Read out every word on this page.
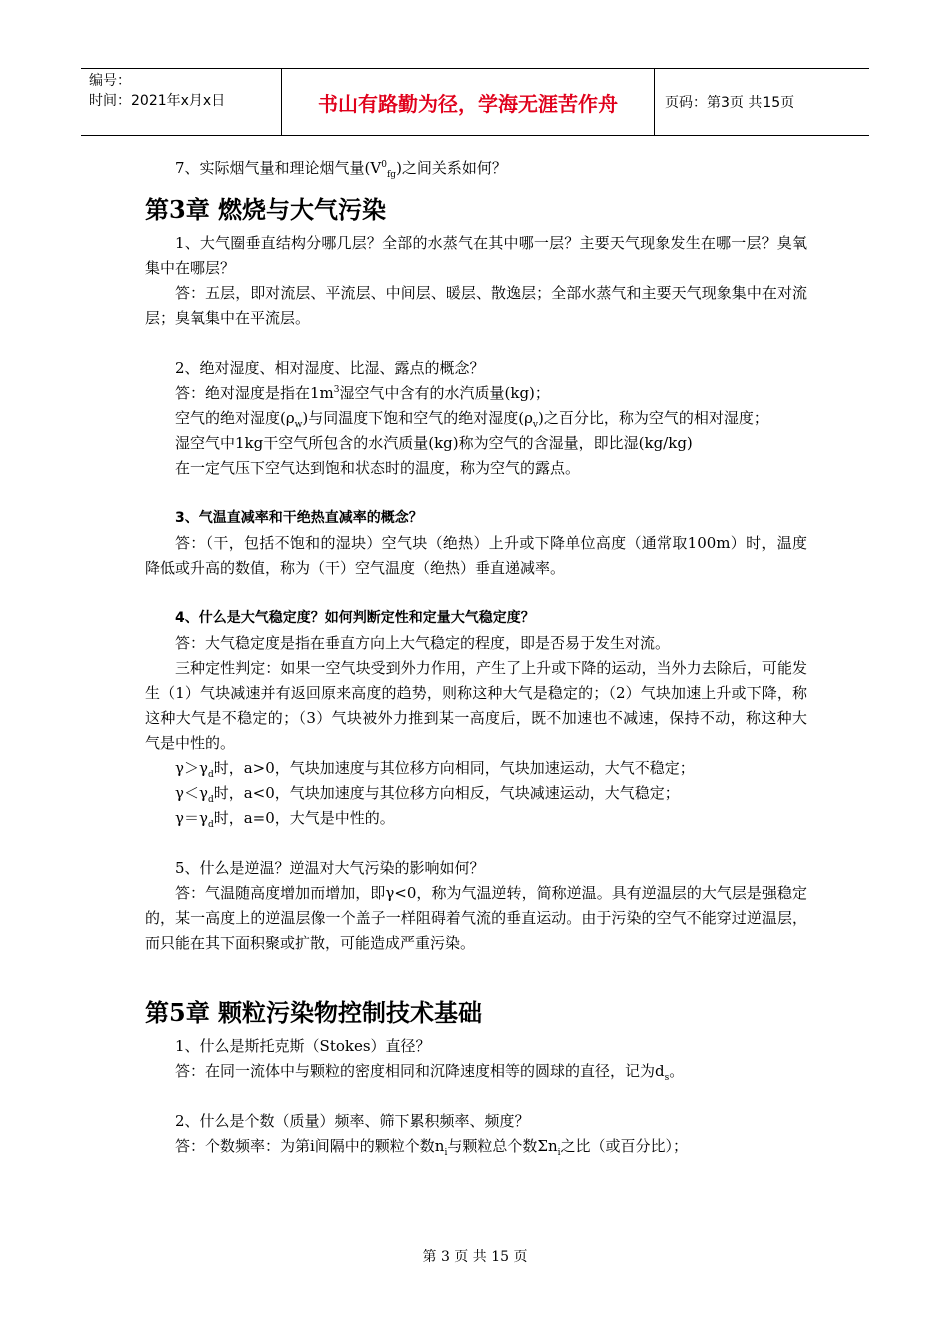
编号：
时间：2021年x月x日	书山有路勤为径，学海无涯苦作舟	页码：第3页 共15页

7、实际烟气量和理论烟气量$(V^0_{fg})$之间关系如何？

第3章 燃烧与大气污染

1、大气圈垂直结构分哪几层？全部的水蒸气在其中哪一层？主要天气现象发生在哪一层？臭氧集中在哪层？

答：五层，即对流层、平流层、中间层、暖层、散逸层；全部水蒸气和主要天气现象集中在对流层；臭氧集中在平流层。

2、绝对湿度、相对湿度、比湿、露点的概念？

答：绝对湿度是指在$1m^3$湿空气中含有的水汽质量(kg)；

空气的绝对湿度$(\rho_w)$与同温度下饱和空气的绝对湿度$(\rho_v)$之百分比，称为空气的相对湿度；

湿空气中1kg干空气所包含的水汽质量(kg)称为空气的含湿量，即比湿(kg/kg)

在一定气压下空气达到饱和状态时的温度，称为空气的露点。

3、气温直减率和干绝热直减率的概念？

答：（干，包括不饱和的湿块）空气块（绝热）上升或下降单位高度（通常取100m）时，温度降低或升高的数值，称为（干）空气温度（绝热）垂直递减率。

4、什么是大气稳定度？如何判断定性和定量大气稳定度？

答：大气稳定度是指在垂直方向上大气稳定的程度，即是否易于发生对流。

三种定性判定：如果一空气块受到外力作用，产生了上升或下降的运动，当外力去除后，可能发生（1）气块减速并有返回原来高度的趋势，则称这种大气是稳定的；（2）气块加速上升或下降，称这种大气是不稳定的；（3）气块被外力推到某一高度后，既不加速也不减速，保持不动，称这种大气是中性的。

$\gamma>\gamma_d$时，a>0，气块加速度与其位移方向相同，气块加速运动，大气不稳定；

$\gamma<\gamma_d$时，a<0，气块加速度与其位移方向相反，气块减速运动，大气稳定；

$\gamma=\gamma_d$时，a=0，大气是中性的。

5、什么是逆温？逆温对大气污染的影响如何？

答：气温随高度增加而增加，即γ<0，称为气温逆转，简称逆温。具有逆温层的大气层是强稳定的，某一高度上的逆温层像一个盖子一样阻碍着气流的垂直运动。由于污染的空气不能穿过逆温层，而只能在其下面积聚或扩散，可能造成严重污染。

第5章 颗粒污染物控制技术基础

1、什么是斯托克斯（Stokes）直径？

答：在同一流体中与颗粒的密度相同和沉降速度相等的圆球的直径，记为$d_s$。

2、什么是个数（质量）频率、筛下累积频率、频度？

答：个数频率：为第i间隔中的颗粒个数$n_i$与颗粒总个数$\Sigma n_i$之比（或百分比）；

第 3 页 共 15 页
